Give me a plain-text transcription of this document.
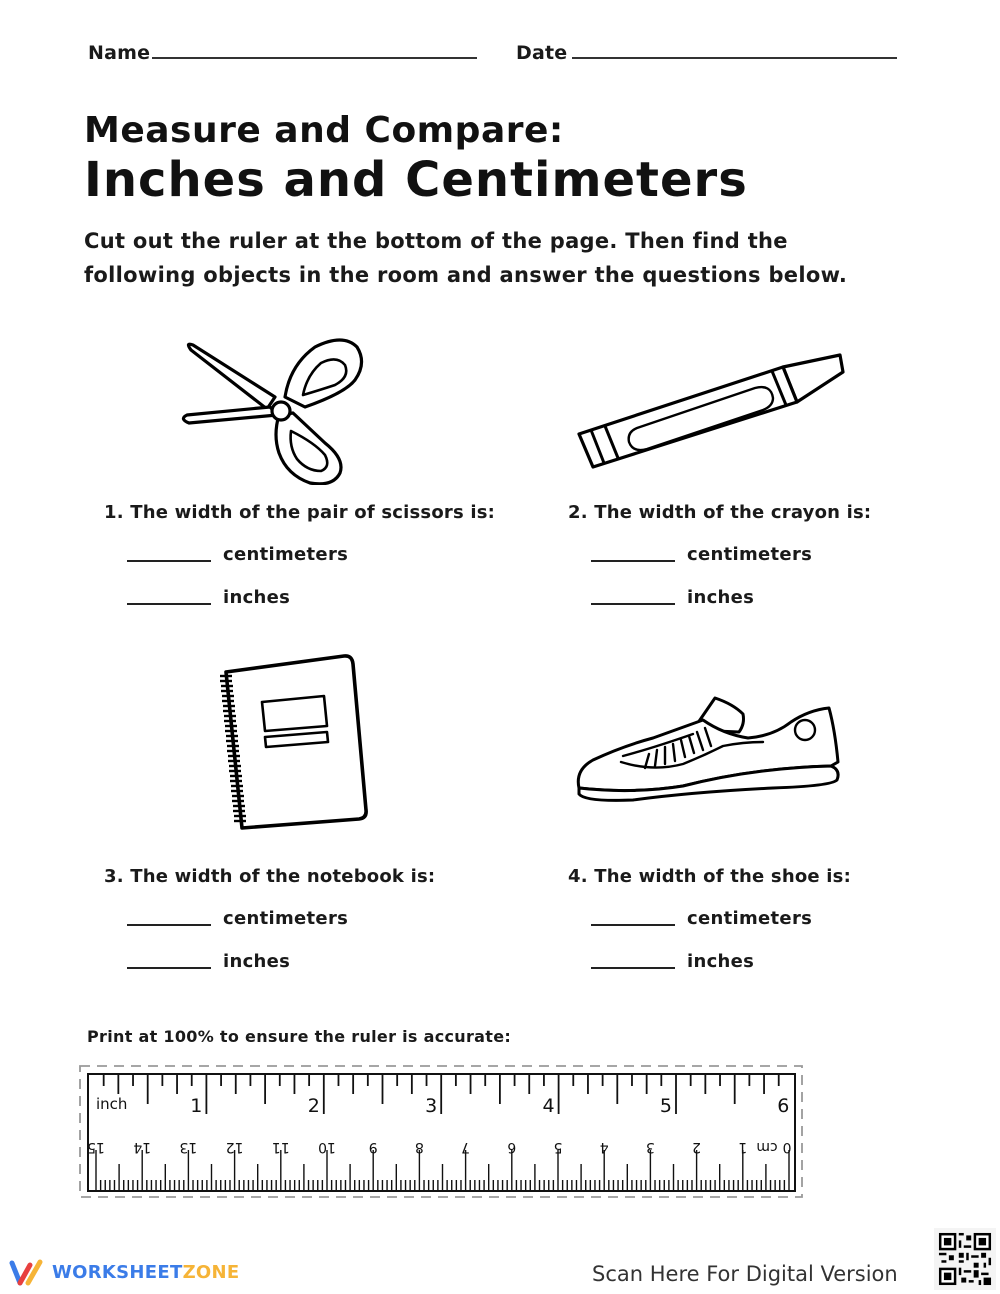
Name	Date
Measure and Compare:
Inches and Centimeters
Cut out the ruler at the bottom of the page. Then find the
following objects in the room and answer the questions below.
1. The width of the pair of scissors is:
centimeters
inches
2. The width of the crayon is:
centimeters
inches
3. The width of the notebook is:
centimeters
inches
4. The width of the shoe is:
centimeters
inches
Print at 100% to ensure the ruler is accurate:
inch	1	2	3	4	5	6
0
1
2
3
4
5
6
7
8
9
10
11
12
13
14
15	cm
WORKSHEETZONE	Scan Here For Digital Version
